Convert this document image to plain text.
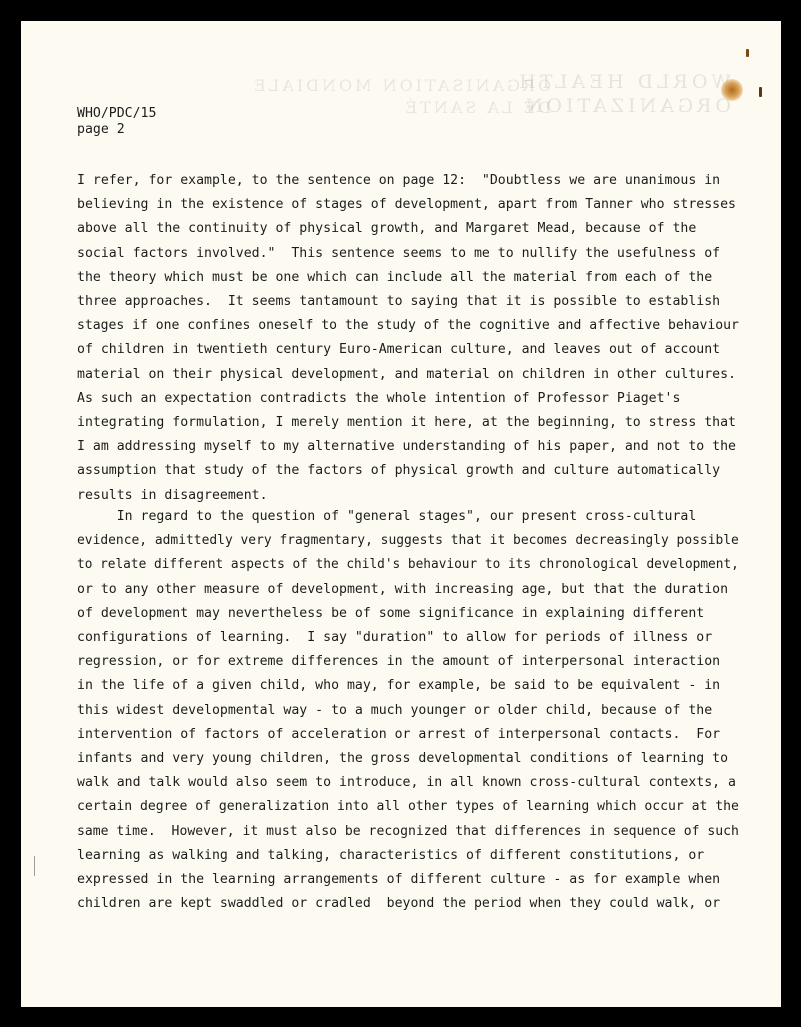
WORLD HEALTH
ORGANIZATION
ORGANISATION MONDIALE
DE LA SANTÉ
WHO/PDC/15
page 2
I refer, for example, to the sentence on page 12:  "Doubtless we are unanimous in
believing in the existence of stages of development, apart from Tanner who stresses
above all the continuity of physical growth, and Margaret Mead, because of the
social factors involved."  This sentence seems to me to nullify the usefulness of
the theory which must be one which can include all the material from each of the
three approaches.  It seems tantamount to saying that it is possible to establish
stages if one confines oneself to the study of the cognitive and affective behaviour
of children in twentieth century Euro-American culture, and leaves out of account
material on their physical development, and material on children in other cultures.
As such an expectation contradicts the whole intention of Professor Piaget's
integrating formulation, I merely mention it here, at the beginning, to stress that
I am addressing myself to my alternative understanding of his paper, and not to the
assumption that study of the factors of physical growth and culture automatically
results in disagreement.
In regard to the question of "general stages", our present cross-cultural
evidence, admittedly very fragmentary, suggests that it becomes decreasingly possible
to relate different aspects of the child's behaviour to its chronological development,
or to any other measure of development, with increasing age, but that the duration
of development may nevertheless be of some significance in explaining different
configurations of learning.  I say "duration" to allow for periods of illness or
regression, or for extreme differences in the amount of interpersonal interaction
in the life of a given child, who may, for example, be said to be equivalent - in
this widest developmental way - to a much younger or older child, because of the
intervention of factors of acceleration or arrest of interpersonal contacts.  For
infants and very young children, the gross developmental conditions of learning to
walk and talk would also seem to introduce, in all known cross-cultural contexts, a
certain degree of generalization into all other types of learning which occur at the
same time.  However, it must also be recognized that differences in sequence of such
learning as walking and talking, characteristics of different constitutions, or
expressed in the learning arrangements of different culture - as for example when
children are kept swaddled or cradled  beyond the period when they could walk, or
